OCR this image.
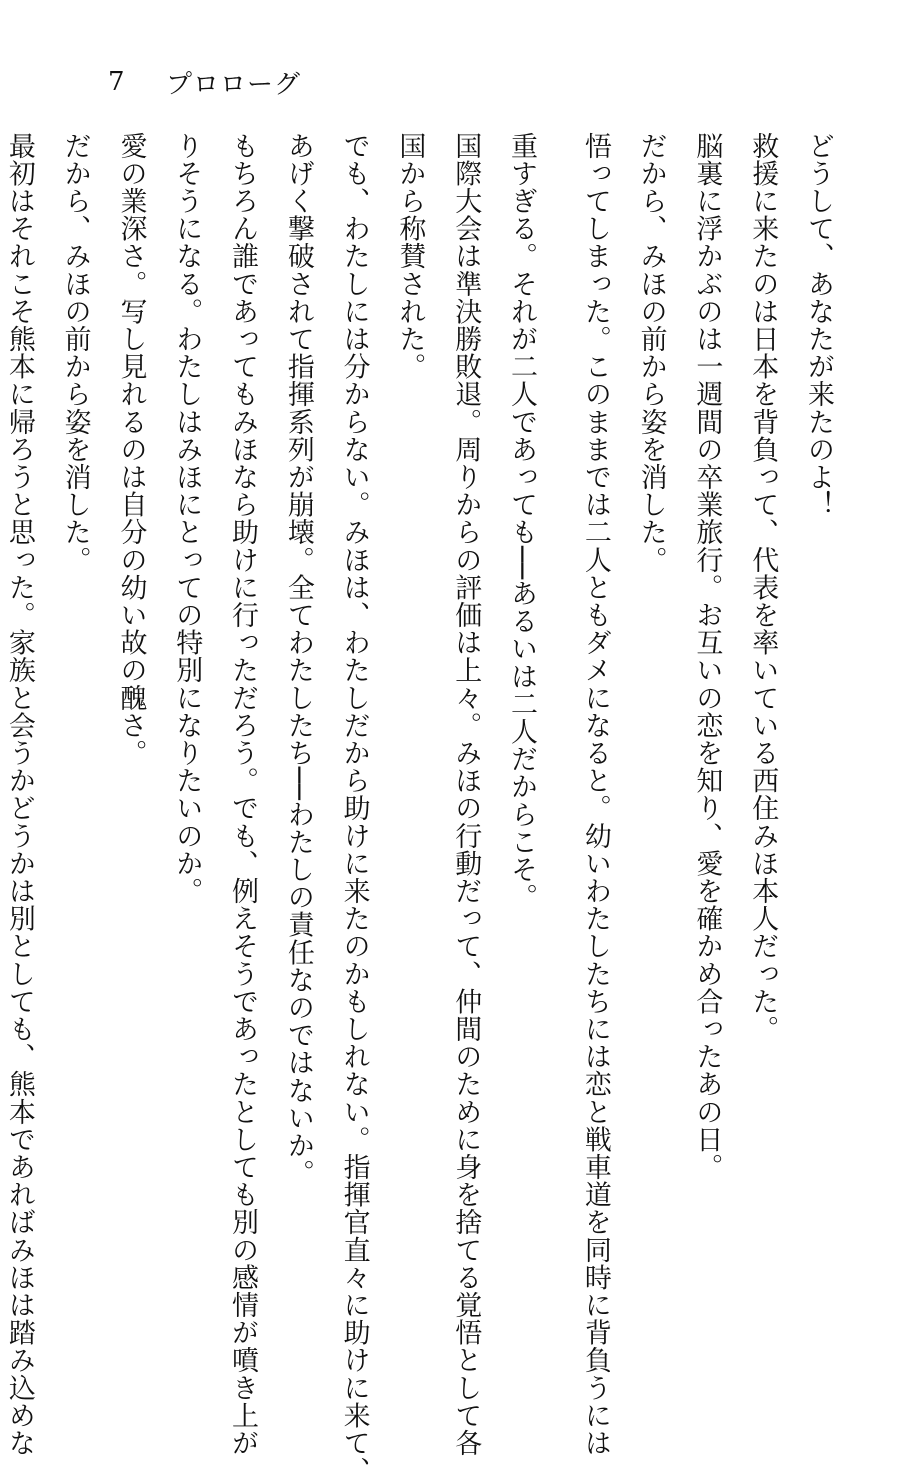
7	プロローグ
どうして、あなたが来たのよ！
救援に来たのは日本を背負って、代表を率いている西住みほ本人だった。
脳裏に浮かぶのは一週間の卒業旅行。お互いの恋を知り、愛を確かめ合ったあの日。
だから、みほの前から姿を消した。
悟ってしまった。このままでは二人ともダメになると。幼いわたしたちには恋と戦車道を同時に背負うには
重すぎる。それが二人であっても──あるいは二人だからこそ。
国際大会は準決勝敗退。周りからの評価は上々。みほの行動だって、仲間のために身を捨てる覚悟として各
国から称賛された。
でも、わたしには分からない。みほは、わたしだから助けに来たのかもしれない。指揮官直々に助けに来て、
あげく撃破されて指揮系列が崩壊。全てわたしたち──わたしの責任なのではないか。
もちろん誰であってもみほなら助けに行っただろう。でも、例えそうであったとしても別の感情が噴き上が
りそうになる。わたしはみほにとっての特別になりたいのか。
愛の業深さ。写し見れるのは自分の幼い故の醜さ。
だから、みほの前から姿を消した。
最初はそれこそ熊本に帰ろうと思った。家族と会うかどうかは別としても、熊本であればみほは踏み込めな
